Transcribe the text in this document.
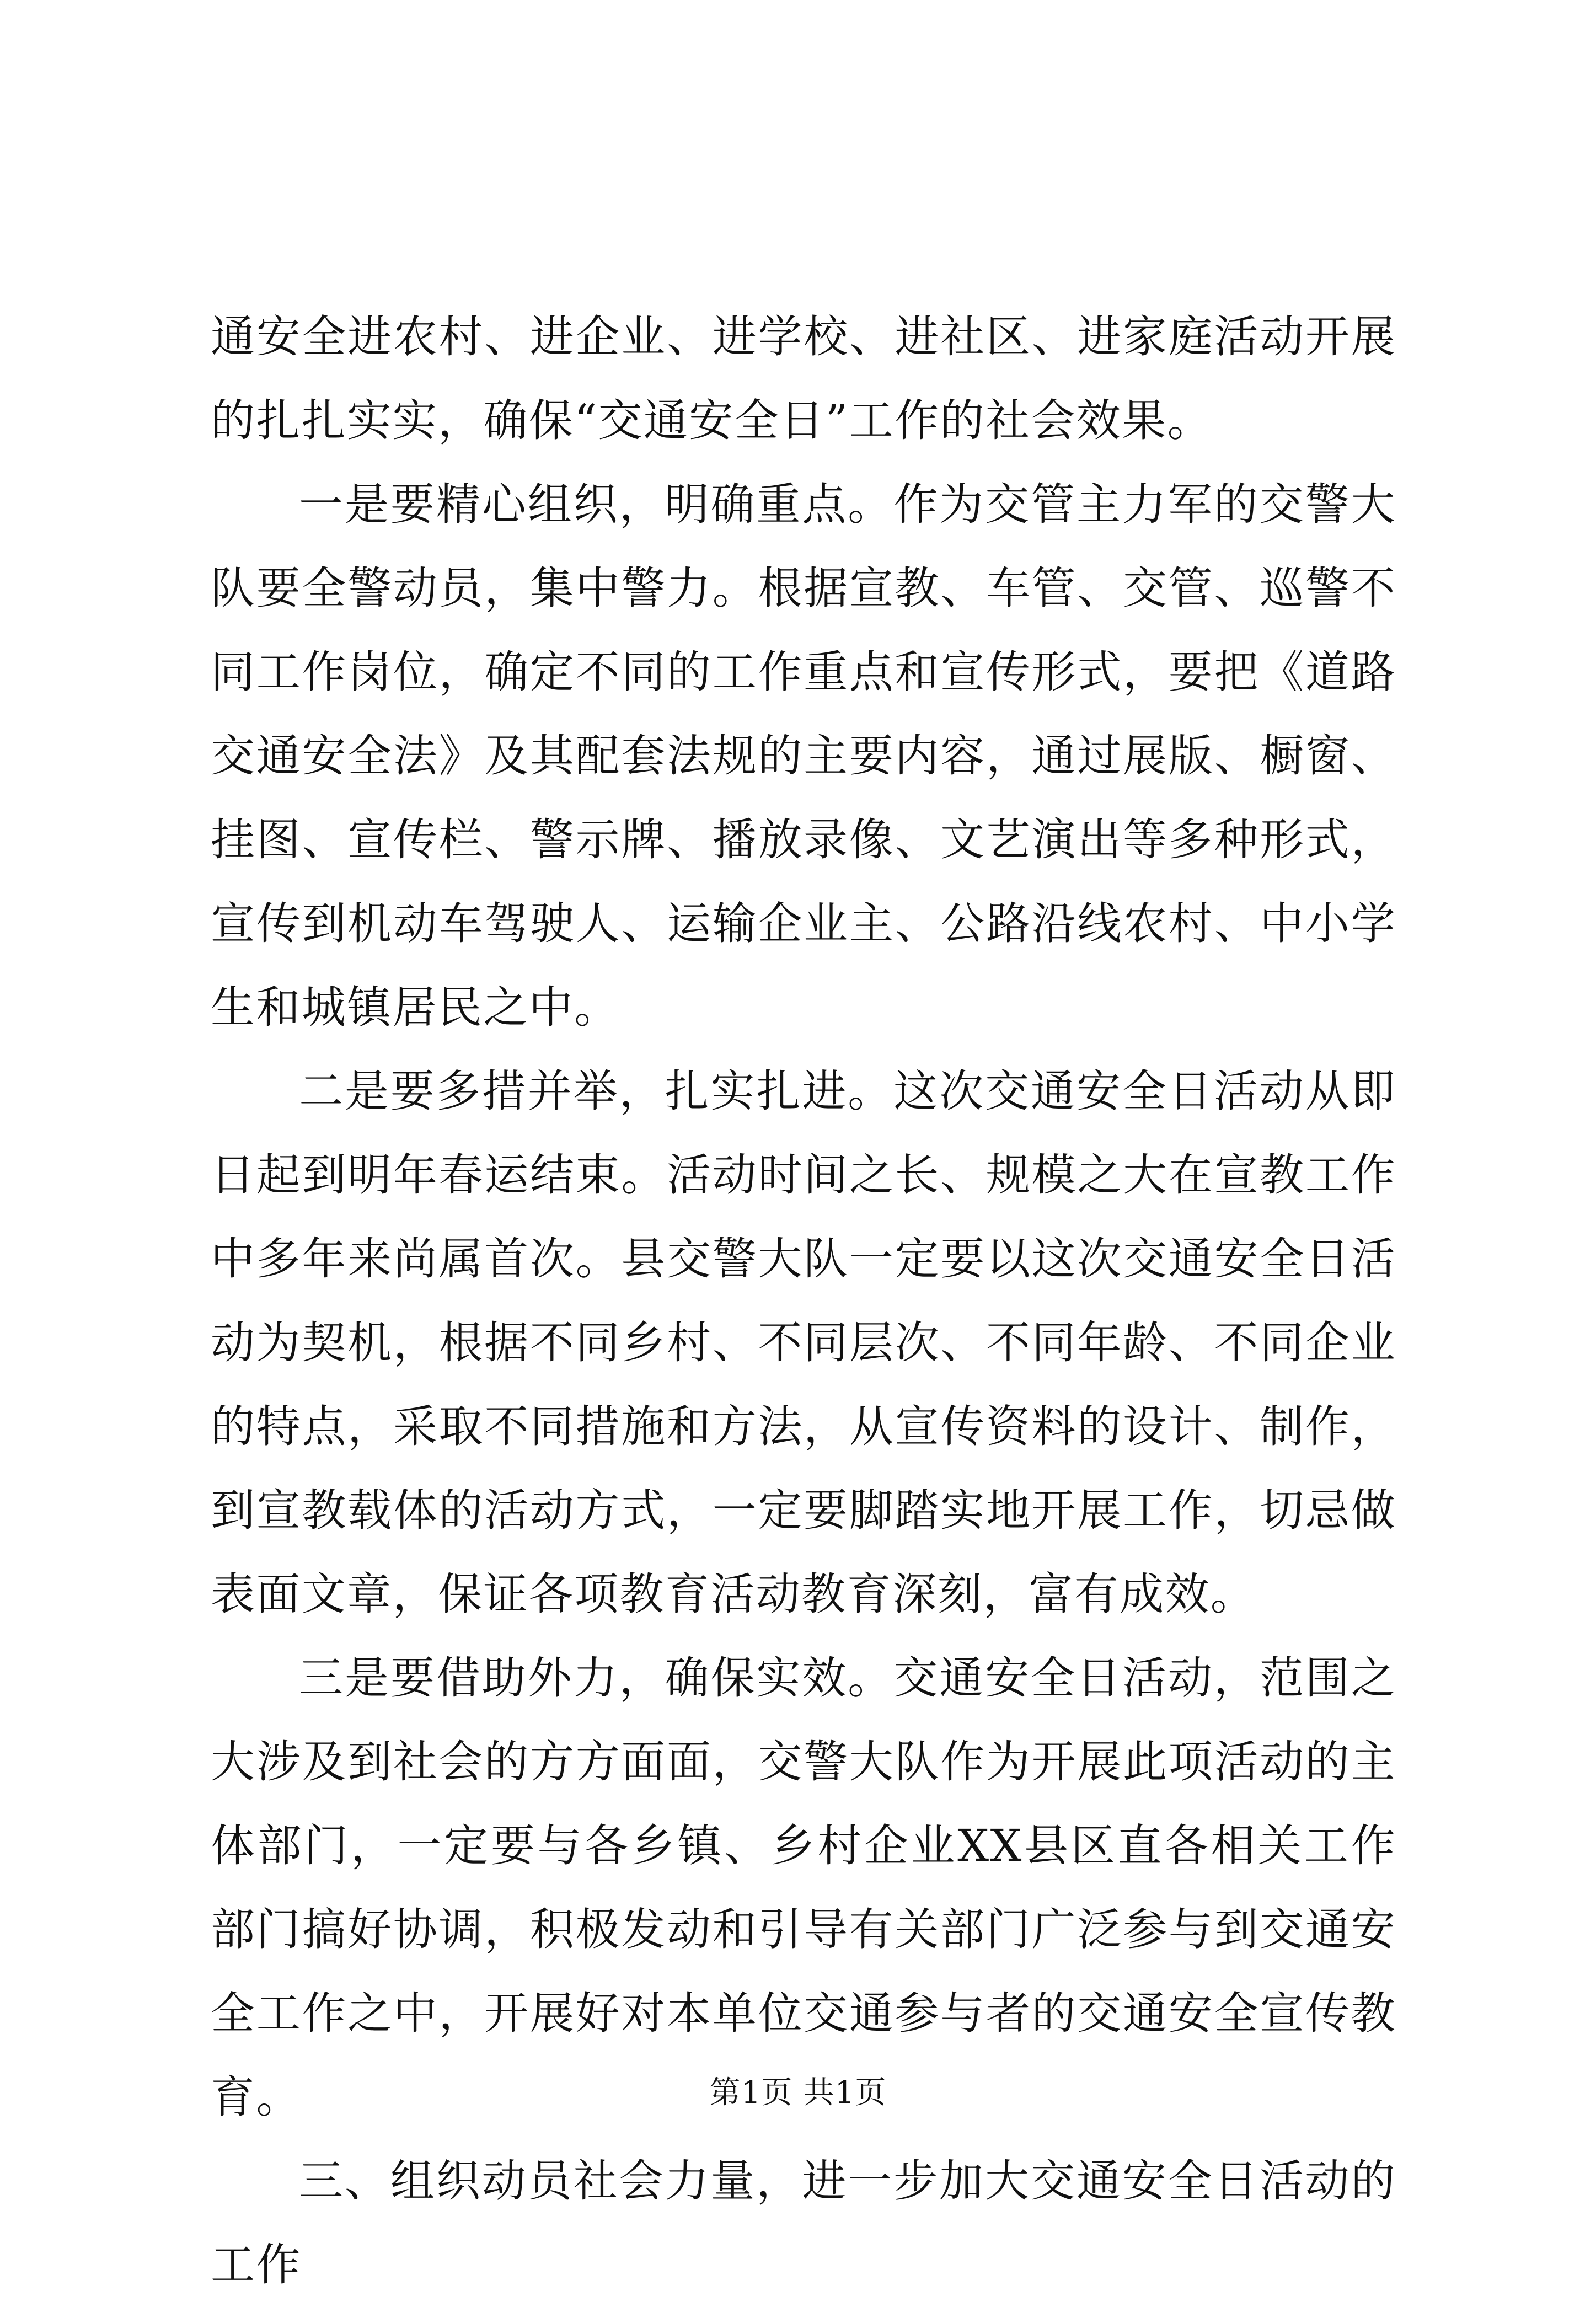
通安全进农村、进企业、进学校、进社区、进家庭活动开展的扎扎实实，确保“交通安全日”工作的社会效果。

一是要精心组织，明确重点。作为交管主力军的交警大队要全警动员，集中警力。根据宣教、车管、交管、巡警不同工作岗位，确定不同的工作重点和宣传形式，要把《道路交通安全法》及其配套法规的主要内容，通过展版、橱窗、挂图、宣传栏、警示牌、播放录像、文艺演出等多种形式，宣传到机动车驾驶人、运输企业主、公路沿线农村、中小学生和城镇居民之中。

二是要多措并举，扎实扎进。这次交通安全日活动从即日起到明年春运结束。活动时间之长、规模之大在宣教工作中多年来尚属首次。县交警大队一定要以这次交通安全日活动为契机，根据不同乡村、不同层次、不同年龄、不同企业的特点，采取不同措施和方法，从宣传资料的设计、制作，到宣教载体的活动方式，一定要脚踏实地开展工作，切忌做表面文章，保证各项教育活动教育深刻，富有成效。

三是要借助外力，确保实效。交通安全日活动，范围之大涉及到社会的方方面面，交警大队作为开展此项活动的主体部门，一定要与各乡镇、乡村企业XX县区直各相关工作部门搞好协调，积极发动和引导有关部门广泛参与到交通安全工作之中，开展好对本单位交通参与者的交通安全宣传教育。

三、组织动员社会力量，进一步加大交通安全日活动的工作

第1页 共1页
